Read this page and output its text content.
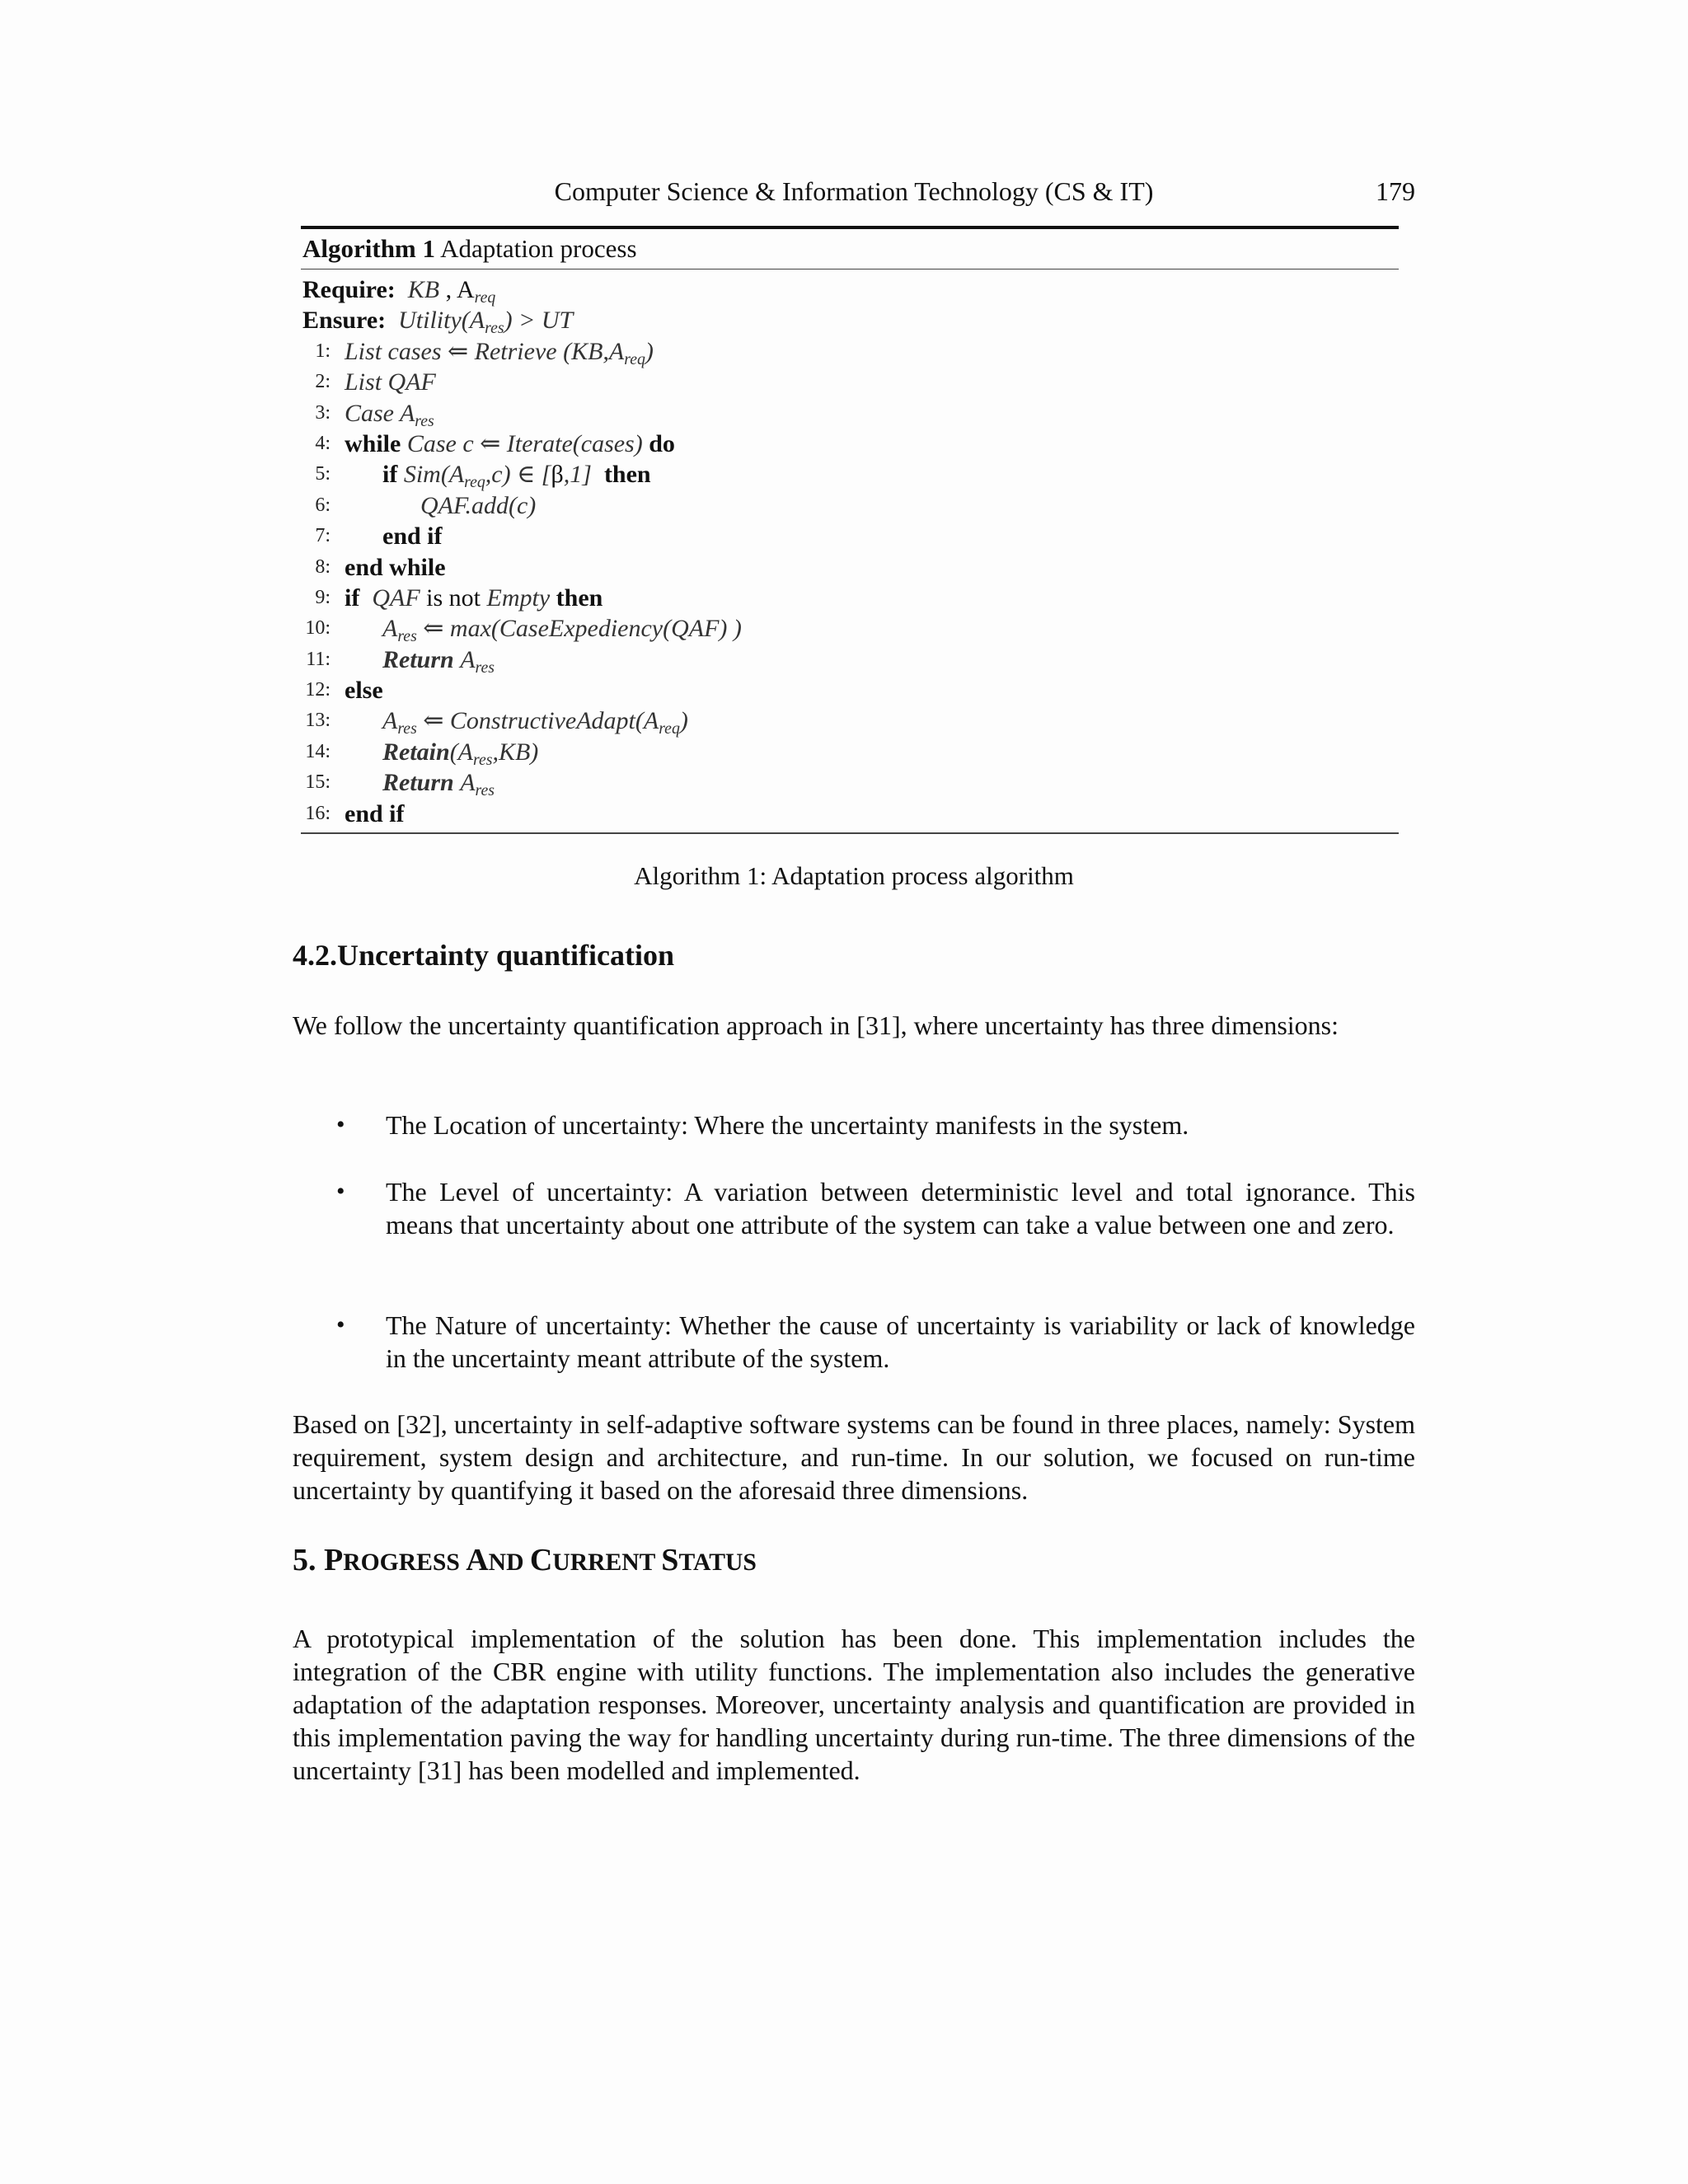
Computer Science & Information Technology (CS & IT)	179
Algorithm 1 Adaptation process
Require: KB , $A_{req}$
Ensure: $Utility(A_{res})$ > UT
1: List cases ⇐ Retrieve $(KB,A_{req})$
2: List QAF
3: Case $A_{res}$
4: while Case c ⇐ Iterate(cases) do
5: if $Sim(A_{req},c)$ ∈ [β,1] then
6:	QAF.add(c)
7: end if
8: end while
9: if QAF is not Empty then
10: $A_{res}$ ⇐ max(CaseExpediency(QAF) )
11: Return $A_{res}$
12: else
13: $A_{res}$ ⇐ $ConstructiveAdapt(A_{req})$
14: $Retain(A_{res},KB)$
15: Return $A_{res}$
16: end if
Algorithm 1: Adaptation process algorithm
4.2.Uncertainty quantification
We follow the uncertainty quantification approach in [31], where uncertainty has three dimensions:
• The Location of uncertainty: Where the uncertainty manifests in the system.
• The Level of uncertainty: A variation between deterministic level and total ignorance. This means that uncertainty about one attribute of the system can take a value between one and zero.
• The Nature of uncertainty: Whether the cause of uncertainty is variability or lack of knowledge in the uncertainty meant attribute of the system.
Based on [32], uncertainty in self-adaptive software systems can be found in three places, namely: System requirement, system design and architecture, and run-time. In our solution, we focused on run-time uncertainty by quantifying it based on the aforesaid three dimensions.
5. PROGRESS AND CURRENT STATUS
A prototypical implementation of the solution has been done. This implementation includes the integration of the CBR engine with utility functions. The implementation also includes the generative adaptation of the adaptation responses. Moreover, uncertainty analysis and quantification are provided in this implementation paving the way for handling uncertainty during run-time. The three dimensions of the uncertainty [31] has been modelled and implemented.
